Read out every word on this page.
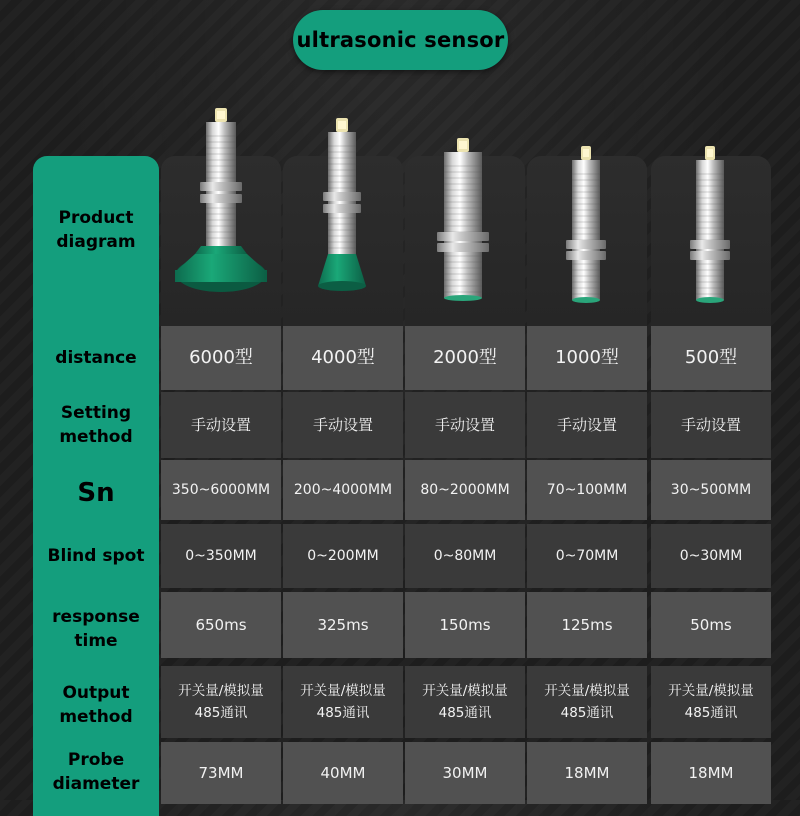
ultrasonic sensor
Product
diagram
distance
Setting
method
Sn
Blind spot
response
time
Output
method
Probe
diameter
6000型
手动设置
350~6000MM
0~350MM
650ms
开关量/模拟量
485通讯
73MM
4000型
手动设置
200~4000MM
0~200MM
325ms
开关量/模拟量
485通讯
40MM
2000型
手动设置
80~2000MM
0~80MM
150ms
开关量/模拟量
485通讯
30MM
1000型
手动设置
70~100MM
0~70MM
125ms
开关量/模拟量
485通讯
18MM
500型
手动设置
30~500MM
0~30MM
50ms
开关量/模拟量
485通讯
18MM
